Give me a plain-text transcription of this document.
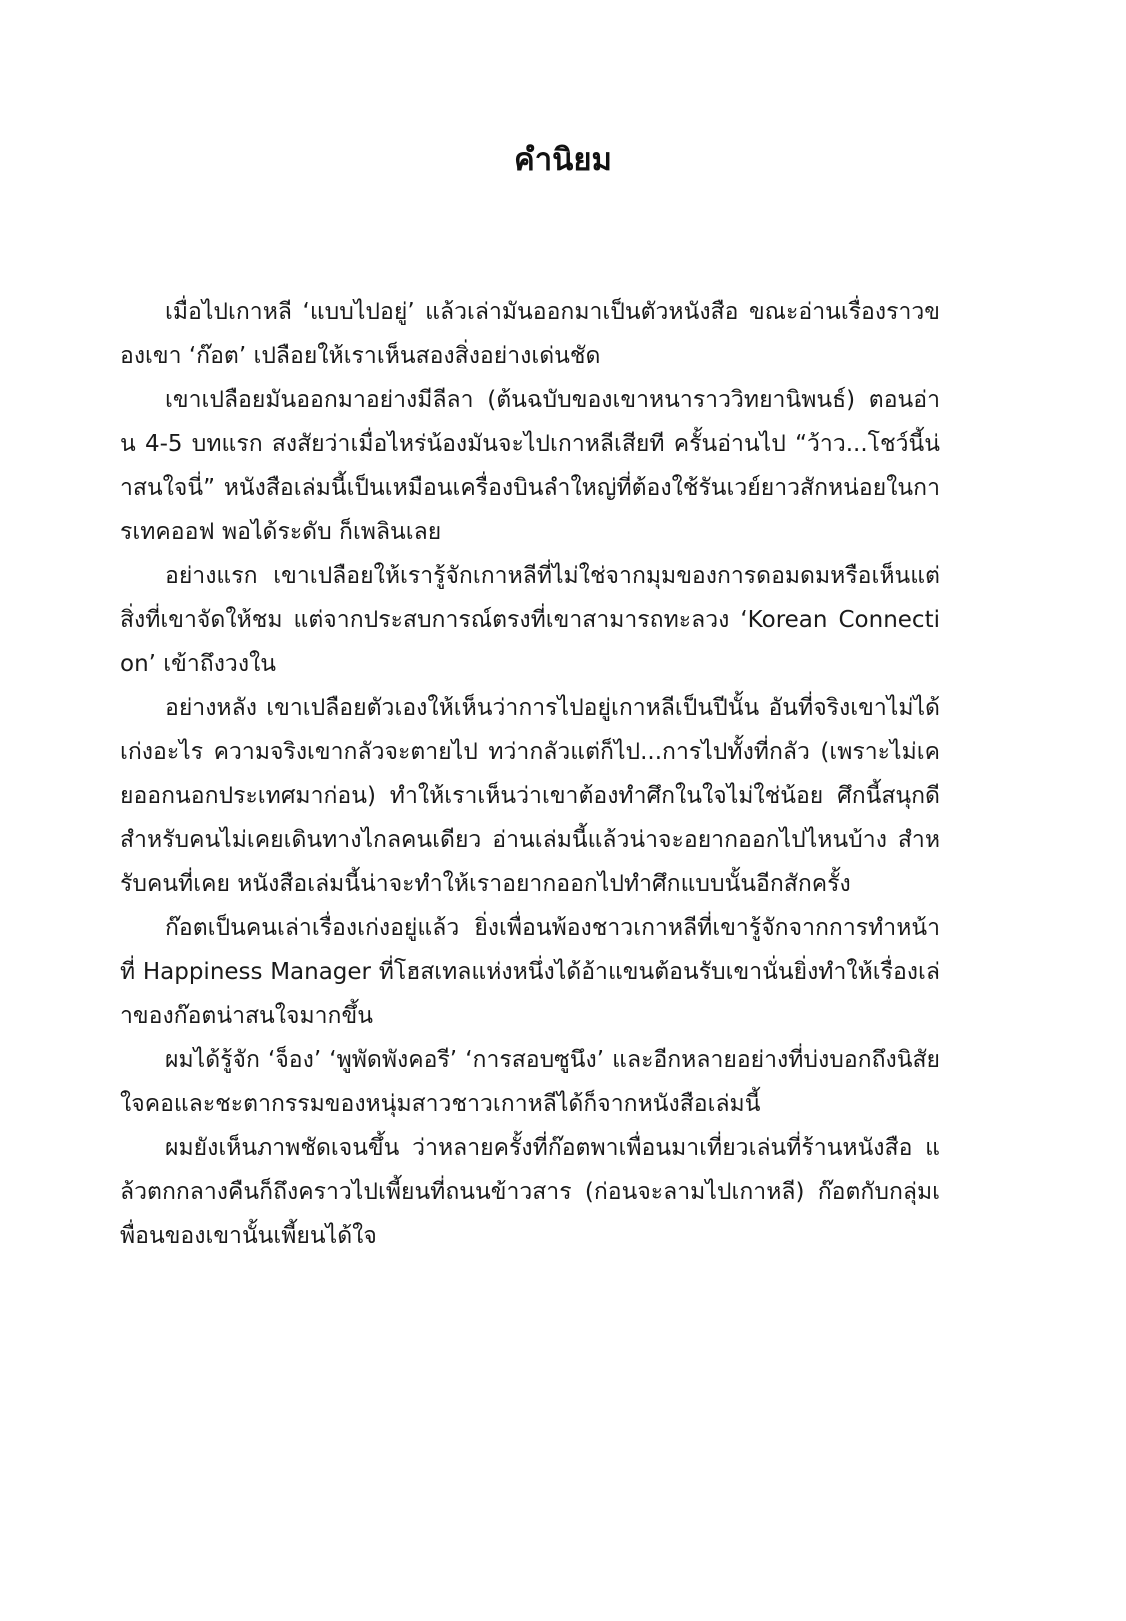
คำนิยม

เมื่อไปเกาหลี ‘แบบไปอยู่’ แล้วเล่ามันออกมาเป็นตัวหนังสือ ขณะอ่านเรื่องราวของเขา ‘ก๊อต’ เปลือยให้เราเห็นสองสิ่งอย่างเด่นชัด

เขาเปลือยมันออกมาอย่างมีลีลา (ต้นฉบับของเขาหนาราววิทยานิพนธ์) ตอนอ่าน 4-5 บทแรก สงสัยว่าเมื่อไหร่น้องมันจะไปเกาหลีเสียที ครั้นอ่านไป “ว้าว...โชว์นี้น่าสนใจนี่” หนังสือเล่มนี้เป็นเหมือนเครื่องบินลำใหญ่ที่ต้องใช้รันเวย์ยาวสักหน่อยในการเทคออฟ พอได้ระดับ ก็เพลินเลย

อย่างแรก เขาเปลือยให้เรารู้จักเกาหลีที่ไม่ใช่จากมุมของการดอมดมหรือเห็นแต่สิ่งที่เขาจัดให้ชม แต่จากประสบการณ์ตรงที่เขาสามารถทะลวง ‘Korean Connection’ เข้าถึงวงใน

อย่างหลัง เขาเปลือยตัวเองให้เห็นว่าการไปอยู่เกาหลีเป็นปีนั้น อันที่จริงเขาไม่ได้เก่งอะไร ความจริงเขากลัวจะตายไป ทว่ากลัวแต่ก็ไป...การไปทั้งที่กลัว (เพราะไม่เคยออกนอกประเทศมาก่อน) ทำให้เราเห็นว่าเขาต้องทำศึกในใจไม่ใช่น้อย ศึกนี้สนุกดี สำหรับคนไม่เคยเดินทางไกลคนเดียว อ่านเล่มนี้แล้วน่าจะอยากออกไปไหนบ้าง สำหรับคนที่เคย หนังสือเล่มนี้น่าจะทำให้เราอยากออกไปทำศึกแบบนั้นอีกสักครั้ง

ก๊อตเป็นคนเล่าเรื่องเก่งอยู่แล้ว ยิ่งเพื่อนพ้องชาวเกาหลีที่เขารู้จักจากการทำหน้าที่ Happiness Manager ที่โฮสเทลแห่งหนึ่งได้อ้าแขนต้อนรับเขานั่นยิ่งทำให้เรื่องเล่าของก๊อตน่าสนใจมากขึ้น

ผมได้รู้จัก ‘จ็อง’ ‘พูพัดพังคอรี’ ‘การสอบซูนึง’ และอีกหลายอย่างที่บ่งบอกถึงนิสัยใจคอและชะตากรรมของหนุ่มสาวชาวเกาหลีได้ก็จากหนังสือเล่มนี้

ผมยังเห็นภาพชัดเจนขึ้น ว่าหลายครั้งที่ก๊อตพาเพื่อนมาเที่ยวเล่นที่ร้านหนังสือ แล้วตกกลางคืนก็ถึงคราวไปเพี้ยนที่ถนนข้าวสาร (ก่อนจะลามไปเกาหลี) ก๊อตกับกลุ่มเพื่อนของเขานั้นเพี้ยนได้ใจ
